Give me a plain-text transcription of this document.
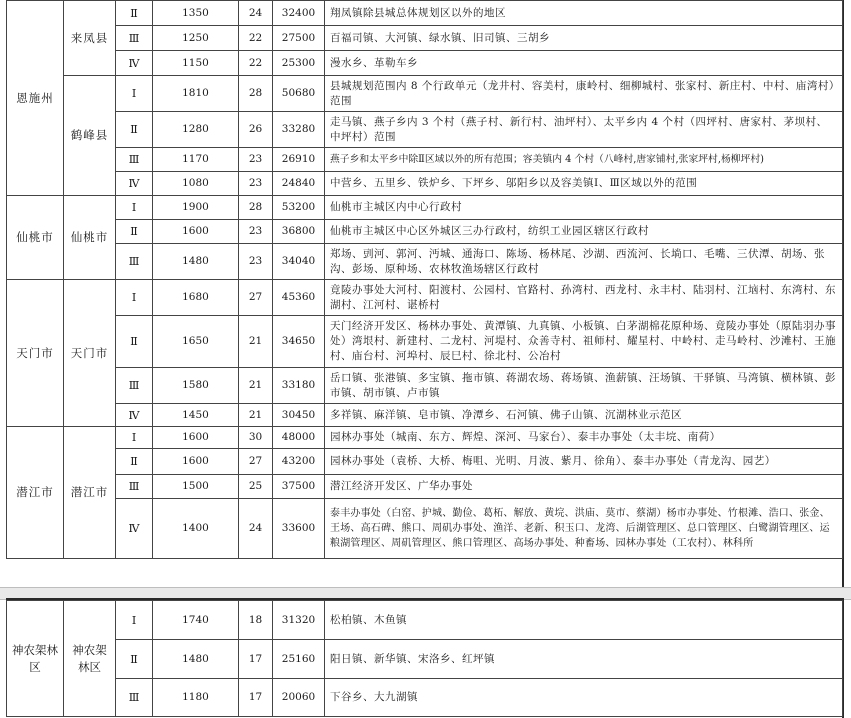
恩施州	来凤县	Ⅱ	1350	24	32400	翔凤镇除县城总体规划区以外的地区
		Ⅲ	1250	22	27500	百福司镇、大河镇、绿水镇、旧司镇、三胡乡
		Ⅳ	1150	22	25300	漫水乡、革勒车乡
	鹤峰县	Ⅰ	1810	28	50680	县城规划范围内 8 个行政单元（龙井村、容美村，康岭村、细柳城村、张家村、新庄村、中村、庙湾村）范围
		Ⅱ	1280	26	33280	走马镇、燕子乡内 3 个村（燕子村、新行村、油坪村）、太平乡内 4 个村（四坪村、唐家村、茅坝村、中坪村）范围
		Ⅲ	1170	23	26910	燕子乡和太平乡中除Ⅱ区域以外的所有范围；容美镇内 4 个村（八峰村,唐家铺村,张家坪村,杨柳坪村)
		Ⅳ	1080	23	24840	中营乡、五里乡、铁炉乡、下坪乡、邬阳乡以及容美镇Ⅰ、Ⅲ区域以外的范围
仙桃市	仙桃市	Ⅰ	1900	28	53200	仙桃市主城区内中心行政村
		Ⅱ	1600	23	36800	仙桃市主城区中心区外城区三办行政村，纺织工业园区辖区行政村
		Ⅲ	1480	23	34040	郑场、剅河、郭河、沔城、通海口、陈场、杨林尾、沙湖、西流河、长埫口、毛嘴、三伏潭、胡场、张沟、彭场、原种场、农林牧渔场辖区行政村
天门市	天门市	Ⅰ	1680	27	45360	竟陵办事处大河村、阳渡村、公园村、官路村、孙湾村、西龙村、永丰村、陆羽村、江垴村、东湾村、东湖村、江河村、谌桥村
		Ⅱ	1650	21	34650	天门经济开发区、杨林办事处、黄潭镇、九真镇、小板镇、白茅湖棉花原种场、竟陵办事处（原陆羽办事处）湾垠村、新建村、二龙村、河堤村、众善寺村、祖师村、耀星村、中岭村、走马岭村、沙滩村、王施村、庙台村、河埠村、辰巳村、徐北村、公冶村
		Ⅲ	1580	21	33180	岳口镇、张港镇、多宝镇、拖市镇、蒋湖农场、蒋场镇、渔薪镇、汪场镇、干驿镇、马湾镇、横林镇、彭市镇、胡市镇、卢市镇
		Ⅳ	1450	21	30450	多祥镇、麻洋镇、皂市镇、净潭乡、石河镇、佛子山镇、沉湖林业示范区
潜江市	潜江市	Ⅰ	1600	30	48000	园林办事处（城南、东方、辉煌、深河、马家台）、泰丰办事处（太丰垸、南荷）
		Ⅱ	1600	27	43200	园林办事处（袁桥、大桥、梅咀、光明、月波、紫月、徐角）、泰丰办事处（青龙沟、园艺）
		Ⅲ	1500	25	37500	潜江经济开发区、广华办事处
		Ⅳ	1400	24	33600	泰丰办事处（白窑、护城、勤俭、葛柘、解放、黄垸、洪庙、莫市、蔡湖）杨市办事处、竹根滩、浩口、张金、王场、高石碑、熊口、周矶办事处、渔洋、老新、积玉口、龙湾、后湖管理区、总口管理区、白鹭湖管理区、运粮湖管理区、周矶管理区、熊口管理区、高场办事处、种畜场、园林办事处（工农村）、林科所
神农架林区	神农架林区	Ⅰ	1740	18	31320	松柏镇、木鱼镇
		Ⅱ	1480	17	25160	阳日镇、新华镇、宋洛乡、红坪镇
		Ⅲ	1180	17	20060	下谷乡、大九湖镇
